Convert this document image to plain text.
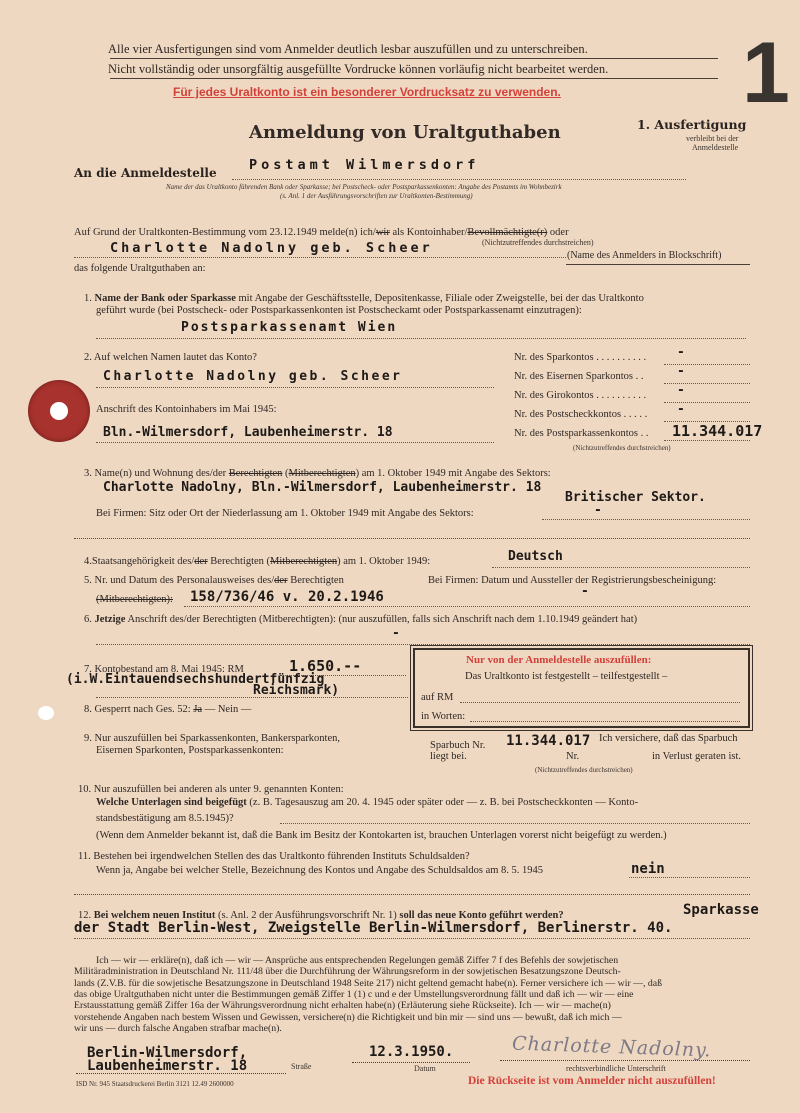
Alle vier Ausfertigungen sind vom Anmelder deutlich lesbar auszufüllen und zu unterschreiben.
Nicht vollständig oder unsorgfältig ausgefüllte Vordrucke können vorläufig nicht bearbeitet werden.
Für jedes Uraltkonto ist ein besonderer Vordrucksatz zu verwenden. 1
Anmeldung von Uraltguthaben	1. Ausfertigung
verbleibt bei der
Anmeldestelle
An die Anmeldestelle Postamt Wilmersdorf
Name der das Uraltkonto führenden Bank oder Sparkasse; bei Postscheck- oder Postsparkassenkonten: Angabe des Postamts im Wohnbezirk
(s. Anl. 1 der Ausführungsvorschriften zur Uraltkonten-Bestimmung)
Auf Grund der Uraltkonten-Bestimmung vom 23.12.1949 melde(n) ich/wir als Kontoinhaber/Bevollmächtigte(r) oder
Charlotte Nadolny geb. Scheer	(Nichtzutreffendes durchstreichen)
(Name des Anmelders in Blockschrift)
das folgende Uraltguthaben an:
1. Name der Bank oder Sparkasse mit Angabe der Geschäftsstelle, Depositenkasse, Filiale oder Zweigstelle, bei der das Uraltkonto
geführt wurde (bei Postscheck- oder Postsparkassenkonten ist Postscheckamt oder Postsparkassenamt einzutragen):
Postsparkassenamt Wien
2. Auf welchen Namen lautet das Konto?
Charlotte Nadolny geb. Scheer
Anschrift des Kontoinhabers im Mai 1945:
Bln.-Wilmersdorf, Laubenheimerstr. 18
Nr. des Sparkontos . . . . . . . . . . -
Nr. des Eisernen Sparkontos . .	-
Nr. des Girokontos . . . . . . . . . . -
Nr. des Postscheckkontos . . . . . -
Nr. des Postsparkassenkontos . . 11.344.017
(Nichtzutreffendes durchstreichen)
3. Name(n) und Wohnung des/der Berechtigten (Mitberechtigten) am 1. Oktober 1949 mit Angabe des Sektors:
Charlotte Nadolny, Bln.-Wilmersdorf, Laubenheimerstr. 18
Britischer Sektor.
Bei Firmen: Sitz oder Ort der Niederlassung am 1. Oktober 1949 mit Angabe des Sektors:	-
4.Staatsangehörigkeit des/der Berechtigten (Mitberechtigten) am 1. Oktober 1949:	Deutsch
5. Nr. und Datum des Personalausweises des/der Berechtigten
(Mitberechtigten): 158/736/46 v. 20.2.1946
Bei Firmen: Datum und Aussteller der Registrierungsbescheinigung:
-
6. Jetzige Anschrift des/der Berechtigten (Mitberechtigten): (nur auszufüllen, falls sich Anschrift nach dem 1.10.1949 geändert hat)
-
7. Kontobestand am 8. Mai 1945: RM	1.650.--
(i.W.Eintauendsechshundertfünfzig
Reichsmark)
8. Gesperrt nach Ges. 52: Ja — Nein —
Nur von der Anmeldestelle auszufüllen:
Das Uraltkonto ist festgestellt – teilfestgestellt –
auf RM
in Worten:
9. Nur auszufüllen bei Sparkassenkonten, Bankersparkonten,
Eisernen Sparkonten, Postsparkassenkonten:	Sparbuch Nr.
liegt bei.
11.344.017 Ich versichere, daß das Sparbuch
Nr.	in Verlust geraten ist.
(Nichtzutreffendes durchstreichen)
10. Nur auszufüllen bei anderen als unter 9. genannten Konten:
Welche Unterlagen sind beigefügt (z. B. Tagesauszug am 20. 4. 1945 oder später oder — z. B. bei Postscheckkonten — Konto-
standsbestätigung am 8.5.1945)?
(Wenn dem Anmelder bekannt ist, daß die Bank im Besitz der Kontokarten ist, brauchen Unterlagen vorerst nicht beigefügt zu werden.)
11. Bestehen bei irgendwelchen Stellen des das Uraltkonto führenden Instituts Schuldsalden?
Wenn ja, Angabe bei welcher Stelle, Bezeichnung des Kontos und Angabe des Schuldsaldos am 8. 5. 1945	nein
12. Bei welchem neuen Institut (s. Anl. 2 der Ausführungsvorschrift Nr. 1) soll das neue Konto geführt werden?	Sparkasse
der Stadt Berlin-West, Zweigstelle Berlin-Wilmersdorf, Berlinerstr. 40.
Ich — wir — erkläre(n), daß ich — wir — Ansprüche aus entsprechenden Regelungen gemäß Ziffer 7 f des Befehls der sowjetischen
Militäradministration in Deutschland Nr. 111/48 über die Durchführung der Währungsreform in der sowjetischen Besatzungszone Deutsch-
lands (Z.V.B. für die sowjetische Besatzungszone in Deutschland 1948 Seite 217) nicht geltend gemacht habe(n). Ferner versichere ich — wir —, daß
das obige Uraltguthaben nicht unter die Bestimmungen gemäß Ziffer 1 (1) c und e der Umstellungsverordnung fällt und daß ich — wir — eine
Erstausstattung gemäß Ziffer 16a der Währungsverordnung nicht erhalten habe(n) (Erläuterung siehe Rückseite). Ich — wir — mache(n)
vorstehende Angaben nach bestem Wissen und Gewissen, versichere(n) die Richtigkeit und bin mir — sind uns — bewußt, daß ich mich —
wir uns — durch falsche Angaben strafbar mache(n).
Berlin-Wilmersdorf,
Laubenheimerstr. 18	Straße
12.3.1950.
Datum
Charlotte Nadolny.
rechtsverbindliche Unterschrift
ISD Nr. 945 Staatsdruckerei Berlin 3121 12.49 2600000	Die Rückseite ist vom Anmelder nicht auszufüllen!
